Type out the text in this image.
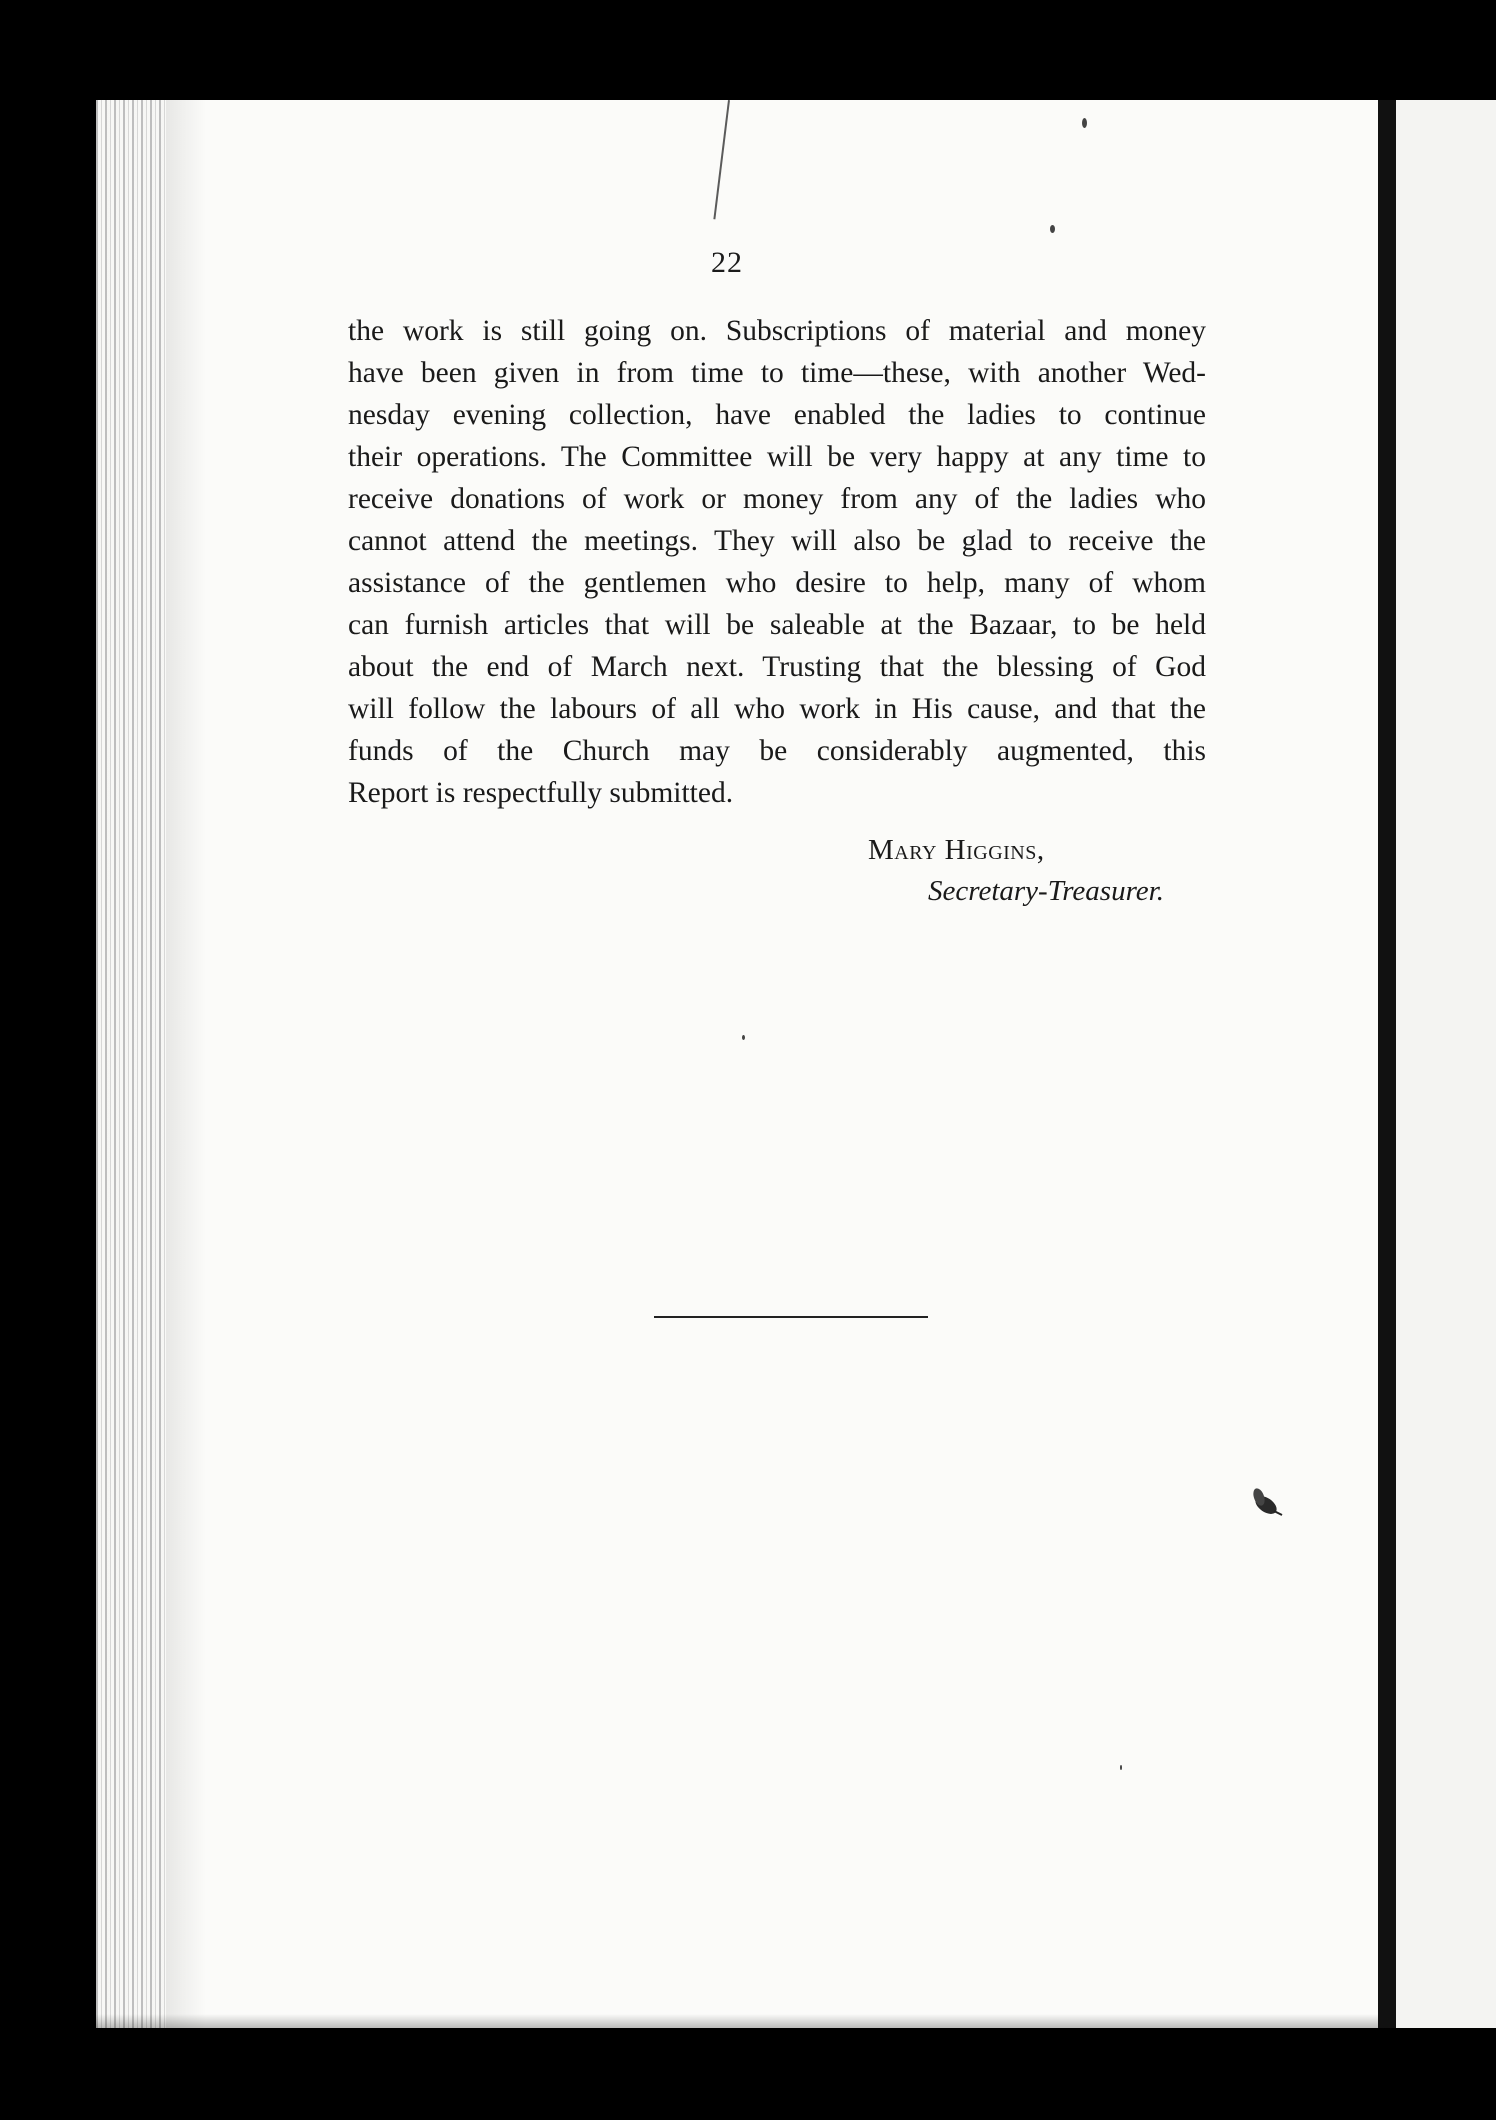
22
the work is still going on. Subscriptions of material and money
have been given in from time to time—these, with another Wed-
nesday evening collection, have enabled the ladies to continue
their operations. The Committee will be very happy at any time to
receive donations of work or money from any of the ladies who
cannot attend the meetings. They will also be glad to receive the
assistance of the gentlemen who desire to help, many of whom
can furnish articles that will be saleable at the Bazaar, to be held
about the end of March next. Trusting that the blessing of God
will follow the labours of all who work in His cause, and that the
funds of the Church may be considerably augmented, this
Report is respectfully submitted.
Mary Higgins,
Secretary-Treasurer.
